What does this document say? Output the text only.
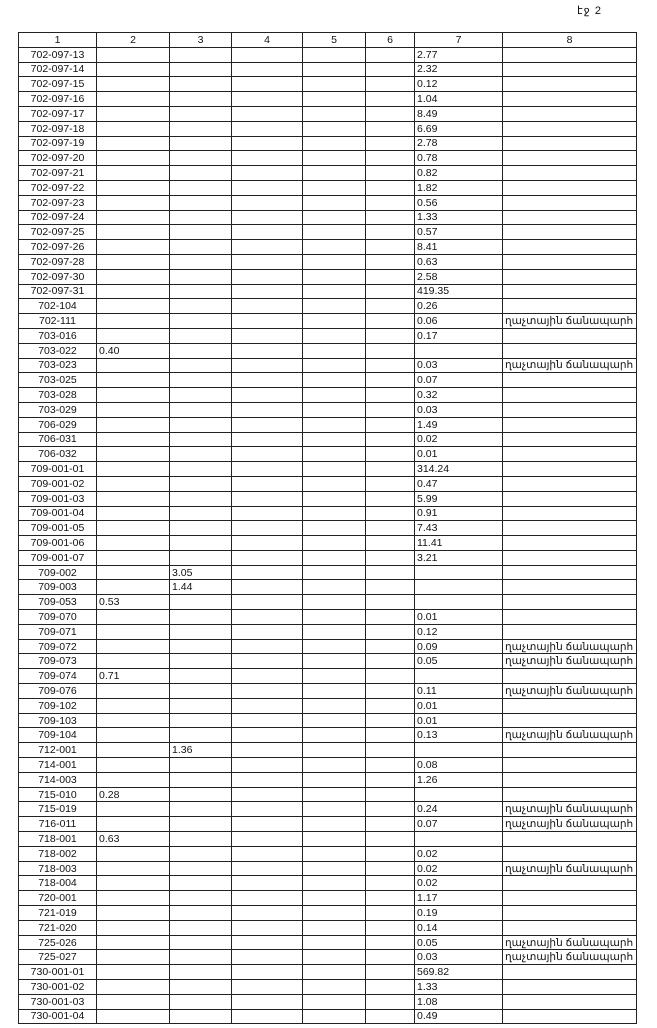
էջ 2
1	2	3	4	5	6	7	8
702-097-13						2.77	
702-097-14						2.32	
702-097-15						0.12	
702-097-16						1.04	
702-097-17						8.49	
702-097-18						6.69	
702-097-19						2.78	
702-097-20						0.78	
702-097-21						0.82	
702-097-22						1.82	
702-097-23						0.56	
702-097-24						1.33	
702-097-25						0.57	
702-097-26						8.41	
702-097-28						0.63	
702-097-30						2.58	
702-097-31						419.35	
702-104						0.26	
702-111						0.06	ղաչտային ճանապարհ
703-016						0.17	
703-022	0.40						
703-023						0.03	ղաչտային ճանապարհ
703-025						0.07	
703-028						0.32	
703-029						0.03	
706-029						1.49	
706-031						0.02	
706-032						0.01	
709-001-01						314.24	
709-001-02						0.47	
709-001-03						5.99	
709-001-04						0.91	
709-001-05						7.43	
709-001-06						11.41	
709-001-07						3.21	
709-002		3.05					
709-003		1.44					
709-053	0.53						
709-070						0.01	
709-071						0.12	
709-072						0.09	ղաչտային ճանապարհ
709-073						0.05	ղաչտային ճանապարհ
709-074	0.71						
709-076						0.11	ղաչտային ճանապարհ
709-102						0.01	
709-103						0.01	
709-104						0.13	ղաչտային ճանապարհ
712-001		1.36					
714-001						0.08	
714-003						1.26	
715-010	0.28						
715-019						0.24	ղաչտային ճանապարհ
716-011						0.07	ղաչտային ճանապարհ
718-001	0.63						
718-002						0.02	
718-003						0.02	ղաչտային ճանապարհ
718-004						0.02	
720-001						1.17	
721-019						0.19	
721-020						0.14	
725-026						0.05	ղաչտային ճանապարհ
725-027						0.03	ղաչտային ճանապարհ
730-001-01						569.82	
730-001-02						1.33	
730-001-03						1.08	
730-001-04						0.49	
